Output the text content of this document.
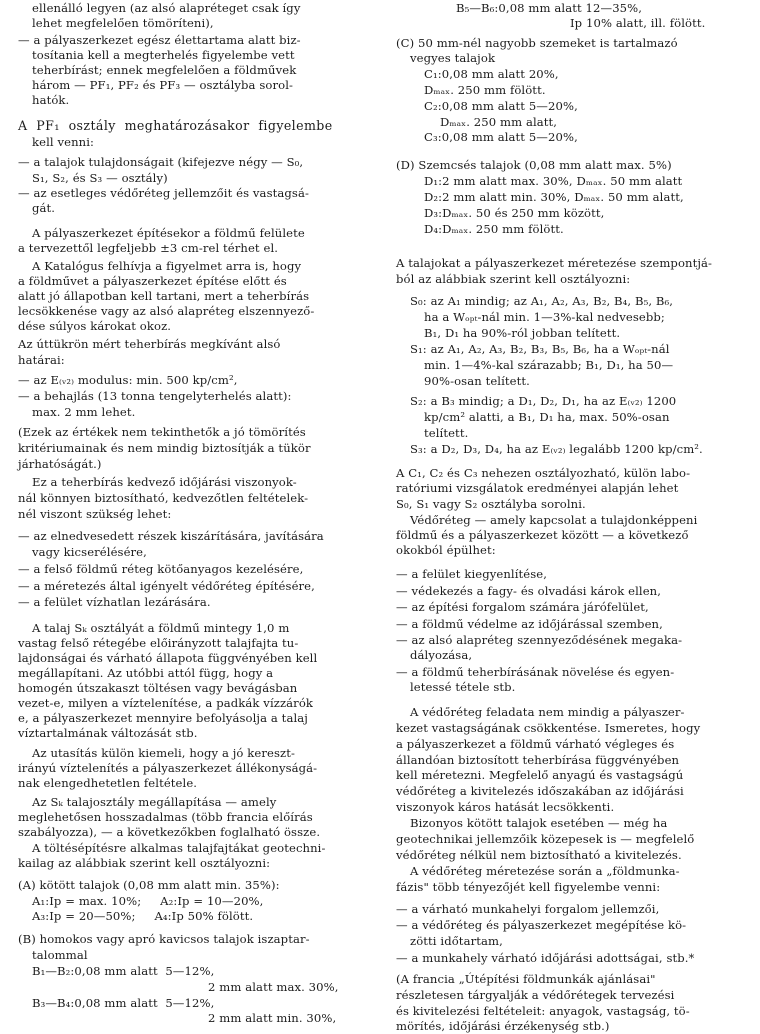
ellenálló legyen (az alsó alapréteget csak így
lehet megfelelően tömöríteni),
— a pályaszerkezet egész élettartama alatt biz-
tosítania kell a megterhelés figyelembe vett
teherbírást; ennek megfelelően a földművek
három — PF₁, PF₂ és PF₃ — osztályba sorol-
hatók.
A  PF₁  osztály  meghatározásakor  figyelembe
kell venni:
— a talajok tulajdonságait (kifejezve négy — S₀,
S₁, S₂, és S₃ — osztály)
— az esetleges védőréteg jellemzőit és vastagsá-
gát.
A pályaszerkezet építésekor a földmű felülete
a tervezettől legfeljebb ±3 cm-rel térhet el.
A Katalógus felhívja a figyelmet arra is, hogy
a földművet a pályaszerkezet építése előtt és
alatt jó állapotban kell tartani, mert a teherbírás
lecsökkenése vagy az alsó alapréteg elszennyező-
dése súlyos károkat okoz.
Az úttükrön mért teherbírás megkívánt alsó
határai:
— az E₍ᵥ₂₎ modulus: min. 500 kp/cm²,
— a behajlás (13 tonna tengelyterhelés alatt):
max. 2 mm lehet.
(Ezek az értékek nem tekinthetők a jó tömörítés
kritériumainak és nem mindig biztosítják a tükör
járhatóságát.)
Ez a teherbírás kedvező időjárási viszonyok-
nál könnyen biztosítható, kedvezőtlen feltételek-
nél viszont szükség lehet:
— az elnedvesedett részek kiszárítására, javítására
vagy kicserélésére,
— a felső földmű réteg kötőanyagos kezelésére,
— a méretezés által igényelt védőréteg építésére,
— a felület vízhatlan lezárására.
A talaj Sₖ osztályát a földmű mintegy 1,0 m
vastag felső rétegébe előirányzott talajfajta tu-
lajdonságai és várható állapota függvényében kell
megállapítani. Az utóbbi attól függ, hogy a
homogén útszakaszt töltésen vagy bevágásban
vezet-e, milyen a víztelenítése, a padkák vízzárók
e, a pályaszerkezet mennyire befolyásolja a talaj
víztartalmának változását stb.
Az utasítás külön kiemeli, hogy a jó kereszt-
irányú víztelenítés a pályaszerkezet állékonyságá-
nak elengedhetetlen feltétele.
Az Sₖ talajosztály megállapítása — amely
meglehetősen hosszadalmas (több francia előírás
szabályozza), — a következőkben foglalható össze.
A töltésépítésre alkalmas talajfajtákat geotechni-
kailag az alábbiak szerint kell osztályozni:
(A) kötött talajok (0,08 mm alatt min. 35%):
A₁:Ip = max. 10%;     A₂:Ip = 10—20%,
A₃:Ip = 20—50%;     A₄:Ip 50% fölött.
(B) homokos vagy apró kavicsos talajok iszaptar-
talommal
B₁—B₂:0,08 mm alatt  5—12%,
2 mm alatt max. 30%,
B₃—B₄:0,08 mm alatt  5—12%,
2 mm alatt min. 30%,
B₅—B₆:0,08 mm alatt 12—35%,
Ip 10% alatt, ill. fölött.
(C) 50 mm-nél nagyobb szemeket is tartalmazó
vegyes talajok
C₁:0,08 mm alatt 20%,
Dₘₐₓ. 250 mm fölött.
C₂:0,08 mm alatt 5—20%,
Dₘₐₓ. 250 mm alatt,
C₃:0,08 mm alatt 5—20%,
(D) Szemcsés talajok (0,08 mm alatt max. 5%)
D₁:2 mm alatt max. 30%, Dₘₐₓ. 50 mm alatt
D₂:2 mm alatt min. 30%, Dₘₐₓ. 50 mm alatt,
D₃:Dₘₐₓ. 50 és 250 mm között,
D₄:Dₘₐₓ. 250 mm fölött.
A talajokat a pályaszerkezet méretezése szempontjá-
ból az alábbiak szerint kell osztályozni:
S₀: az A₁ mindig; az A₁, A₂, A₃, B₂, B₄, B₅, B₆,
ha a Wₒₚₜ-nál min. 1—3%-kal nedvesebb;
B₁, D₁ ha 90%-ról jobban telített.
S₁: az A₁, A₂, A₃, B₂, B₃, B₅, B₆, ha a Wₒₚₜ-nál
min. 1—4%-kal szárazabb; B₁, D₁, ha 50—
90%-osan telített.
S₂: a B₃ mindig; a D₁, D₂, D₁, ha az E₍ᵥ₂₎ 1200
kp/cm² alatti, a B₁, D₁ ha, max. 50%-osan
telített.
S₃: a D₂, D₃, D₄, ha az E₍ᵥ₂₎ legalább 1200 kp/cm².
A C₁, C₂ és C₃ nehezen osztályozható, külön labo-
ratóriumi vizsgálatok eredményei alapján lehet
S₀, S₁ vagy S₂ osztályba sorolni.
Védőréteg — amely kapcsolat a tulajdonképpeni
földmű és a pályaszerkezet között — a következő
okokból épülhet:
— a felület kiegyenlítése,
— védekezés a fagy- és olvadási károk ellen,
— az építési forgalom számára járófelület,
— a földmű védelme az időjárással szemben,
— az alsó alapréteg szennyeződésének megaka-
dályozása,
— a földmű teherbírásának növelése és egyen-
letessé tétele stb.
A védőréteg feladata nem mindig a pályaszer-
kezet vastagságának csökkentése. Ismeretes, hogy
a pályaszerkezet a földmű várható végleges és
állandóan biztosított teherbírása függvényében
kell méretezni. Megfelelő anyagú és vastagságú
védőréteg a kivitelezés időszakában az időjárási
viszonyok káros hatását lecsökkenti.
Bizonyos kötött talajok esetében — még ha
geotechnikai jellemzőik közepesek is — megfelelő
védőréteg nélkül nem biztosítható a kivitelezés.
A védőréteg méretezése során a „földmunka-
fázis" több tényezőjét kell figyelembe venni:
— a várható munkahelyi forgalom jellemzői,
— a védőréteg és pályaszerkezet megépítése kö-
zötti időtartam,
— a munkahely várható időjárási adottságai, stb.*
(A francia „Útépítési földmunkák ajánlásai"
részletesen tárgyalják a védőrétegek tervezési
és kivitelezési feltételeit: anyagok, vastagság, tö-
mörítés, időjárási érzékenység stb.)
